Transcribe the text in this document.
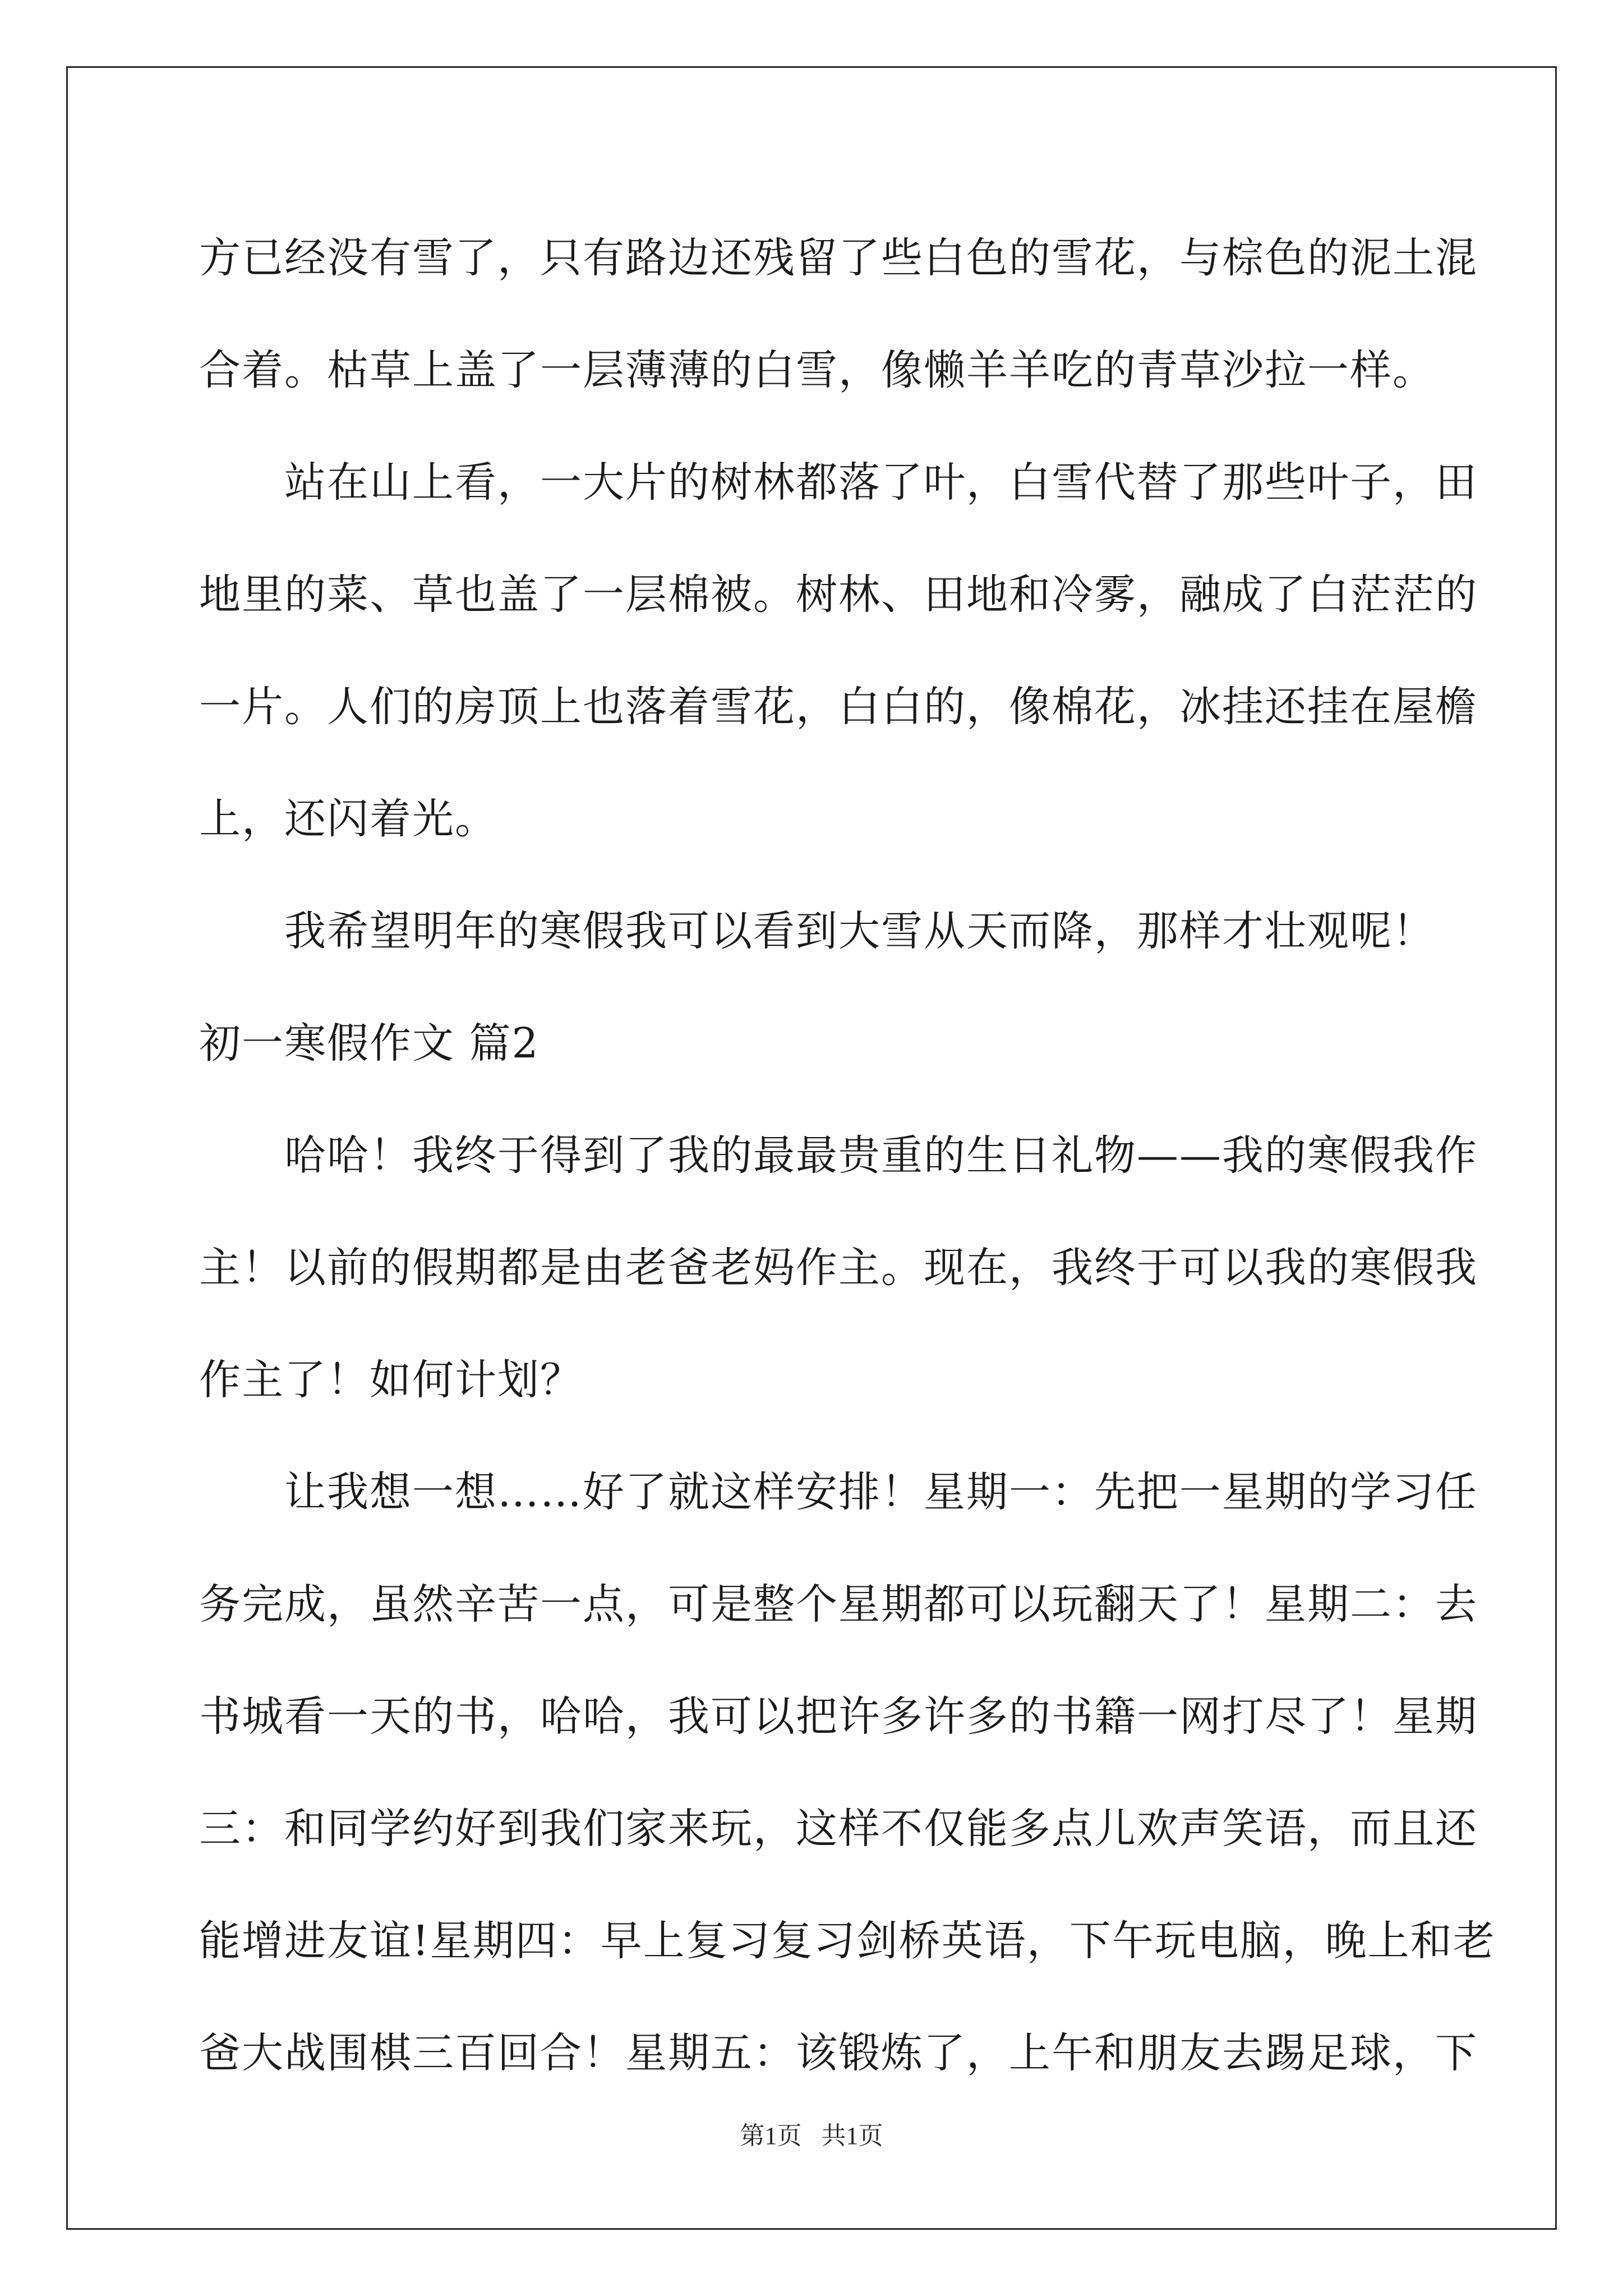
方已经没有雪了，只有路边还残留了些白色的雪花，与棕色的泥土混

合着。枯草上盖了一层薄薄的白雪，像懒羊羊吃的青草沙拉一样。

　　站在山上看，一大片的树林都落了叶，白雪代替了那些叶子，田

地里的菜、草也盖了一层棉被。树林、田地和冷雾，融成了白茫茫的

一片。人们的房顶上也落着雪花，白白的，像棉花，冰挂还挂在屋檐

上，还闪着光。

　　我希望明年的寒假我可以看到大雪从天而降，那样才壮观呢！

初一寒假作文 篇2

　　哈哈！我终于得到了我的最最贵重的生日礼物——我的寒假我作

主！以前的假期都是由老爸老妈作主。现在，我终于可以我的寒假我

作主了！如何计划？

　　让我想一想……好了就这样安排！星期一：先把一星期的学习任

务完成，虽然辛苦一点，可是整个星期都可以玩翻天了！星期二：去

书城看一天的书，哈哈，我可以把许多许多的书籍一网打尽了！星期

三：和同学约好到我们家来玩，这样不仅能多点儿欢声笑语，而且还

能增进友谊!星期四：早上复习复习剑桥英语，下午玩电脑，晚上和老

爸大战围棋三百回合！星期五：该锻炼了，上午和朋友去踢足球，下

第1页 共1页
